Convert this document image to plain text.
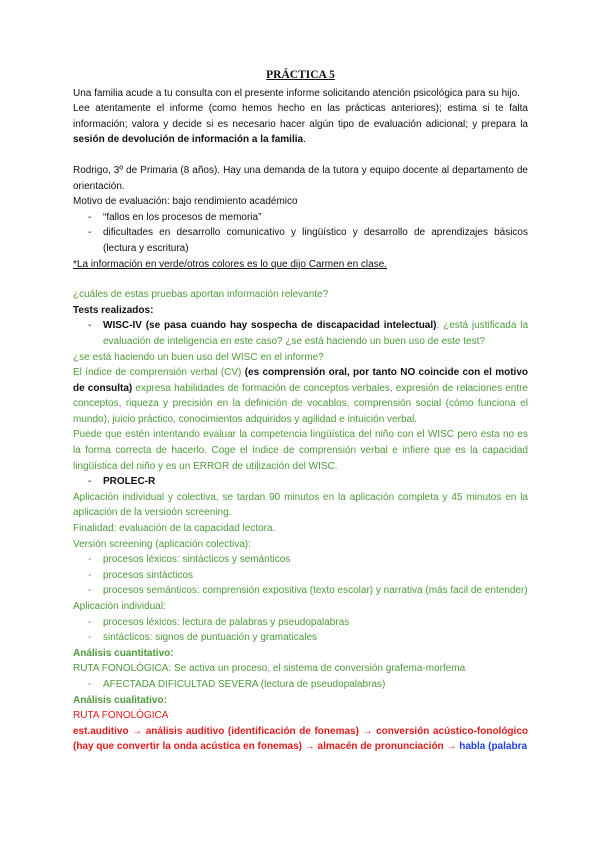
PRÁCTICA 5

Una familia acude a tu consulta con el presente informe solicitando atención psicológica para su hijo.

Lee atentamente el informe (como hemos hecho en las prácticas anteriores); estima si te falta información; valora y decide si es necesario hacer algún tipo de evaluación adicional; y prepara la sesión de devolución de información a la familia.

Rodrigo, 3º de Primaria (8 años). Hay una demanda de la tutora y equipo docente al departamento de orientación.

Motivo de evaluación: bajo rendimiento académico

- “fallos en los procesos de memoria”
- dificultades en desarrollo comunicativo y lingüístico y desarrollo de aprendizajes básicos (lectura y escritura)

*La información en verde/otros colores es lo que dijo Carmen en clase.

¿cuáles de estas pruebas aportan información relevante?

Tests realizados:

- WISC-IV (se pasa cuando hay sospecha de discapacidad intelectual): ¿está justificada la evaluación de inteligencia en este caso? ¿se está haciendo un buen uso de este test?

¿se está haciendo un buen uso del WISC en el informe?

El índice de comprensión verbal (CV) (es comprensión oral, por tanto NO coincide con el motivo de consulta) expresa habilidades de formación de conceptos verbales, expresión de relaciones entre conceptos, riqueza y precisión en la definición de vocablos, comprensión social (cómo funciona el mundo), juicio práctico, conocimientos adquiridos y agilidad e intuición verbal.

Puede que estén intentando evaluar la competencia lingüística del niño con el WISC pero esta no es la forma correcta de hacerlo. Coge el índice de comprensión verbal e infiere que es la capacidad lingüística del niño y es un ERROR de utilización del WISC.

- PROLEC-R

Aplicación individual y colectiva, se tardan 90 minutos en la aplicación completa y 45 minutos en la aplicación de la versioón screening.

Finalidad: evaluación de la capacidad lectora.

Versión screening (aplicación colectiva):

- procesos léxicos: sintácticos y semánticos
- procesos sintácticos
- procesos semánticos: comprensión expositiva (texto escolar) y narrativa (más facil de entender)

Aplicación individual:

- procesos léxicos: lectura de palabras y pseudopalabras
- sintácticos: signos de puntuación y gramaticales

Análisis cuantitativo:

RUTA FONOLÓGICA: Se activa un proceso, el sistema de conversión grafema-morfema

- AFECTADA DIFICULTAD SEVERA (lectura de pseudopalabras)

Análisis cualitativo:

RUTA FONOLÓGICA

est.auditivo → análisis auditivo (identificación de fonemas) → conversión acústico-fonológico (hay que convertir la onda acústica en fonemas) → almacén de pronunciación → habla (palabra
